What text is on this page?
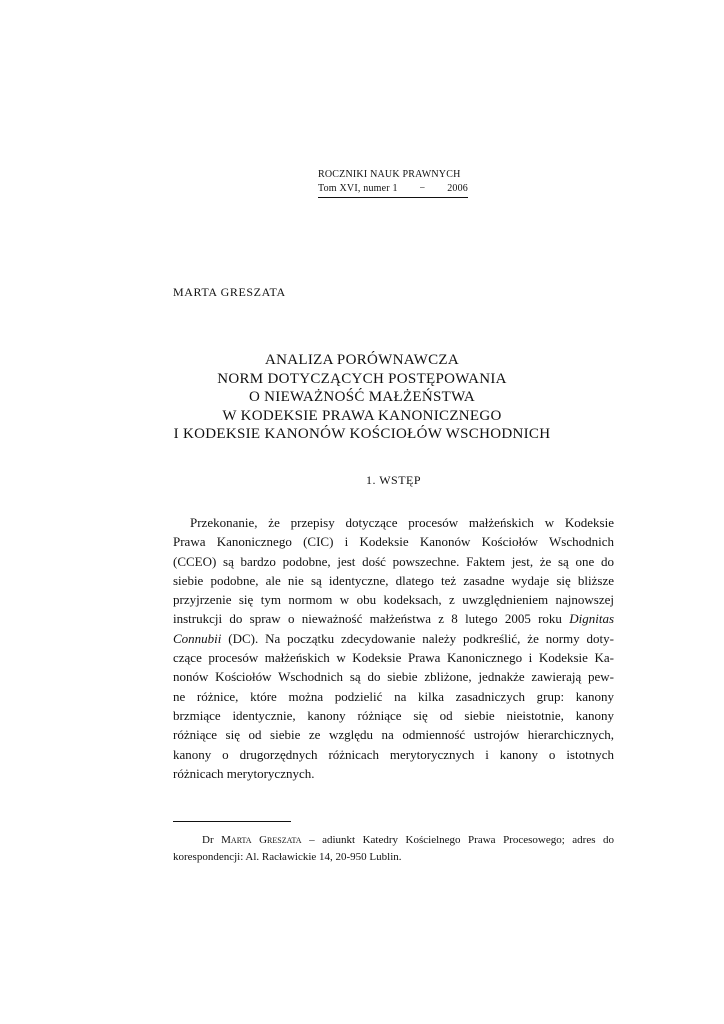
ROCZNIKI NAUK PRAWNYCH
Tom XVI, numer 1 − 2006
MARTA GRESZATA
ANALIZA PORÓWNAWCZA
NORM DOTYCZĄCYCH POSTĘPOWANIA
O NIEWAŻNOŚĆ MAŁŻEŃSTWA
W KODEKSIE PRAWA KANONICZNEGO
I KODEKSIE KANONÓW KOŚCIOŁÓW WSCHODNICH
1. WSTĘP
Przekonanie, że przepisy dotyczące procesów małżeńskich w Kodeksie
Prawa Kanonicznego (CIC) i Kodeksie Kanonów Kościołów Wschodnich
(CCEO) są bardzo podobne, jest dość powszechne. Faktem jest, że są one do
siebie podobne, ale nie są identyczne, dlatego też zasadne wydaje się bliższe
przyjrzenie się tym normom w obu kodeksach, z uwzględnieniem najnowszej
instrukcji do spraw o nieważność małżeństwa z 8 lutego 2005 roku Dignitas
Connubii (DC). Na początku zdecydowanie należy podkreślić, że normy doty-
czące procesów małżeńskich w Kodeksie Prawa Kanonicznego i Kodeksie Ka-
nonów Kościołów Wschodnich są do siebie zbliżone, jednakże zawierają pew-
ne różnice, które można podzielić na kilka zasadniczych grup: kanony
brzmiące identycznie, kanony różniące się od siebie nieistotnie, kanony
różniące się od siebie ze względu na odmienność ustrojów hierarchicznych,
kanony o drugorzędnych różnicach merytorycznych i kanony o istotnych
różnicach merytorycznych.
Dr Marta Greszata – adiunkt Katedry Kościelnego Prawa Procesowego; adres do
korespondencji: Al. Racławickie 14, 20-950 Lublin.
